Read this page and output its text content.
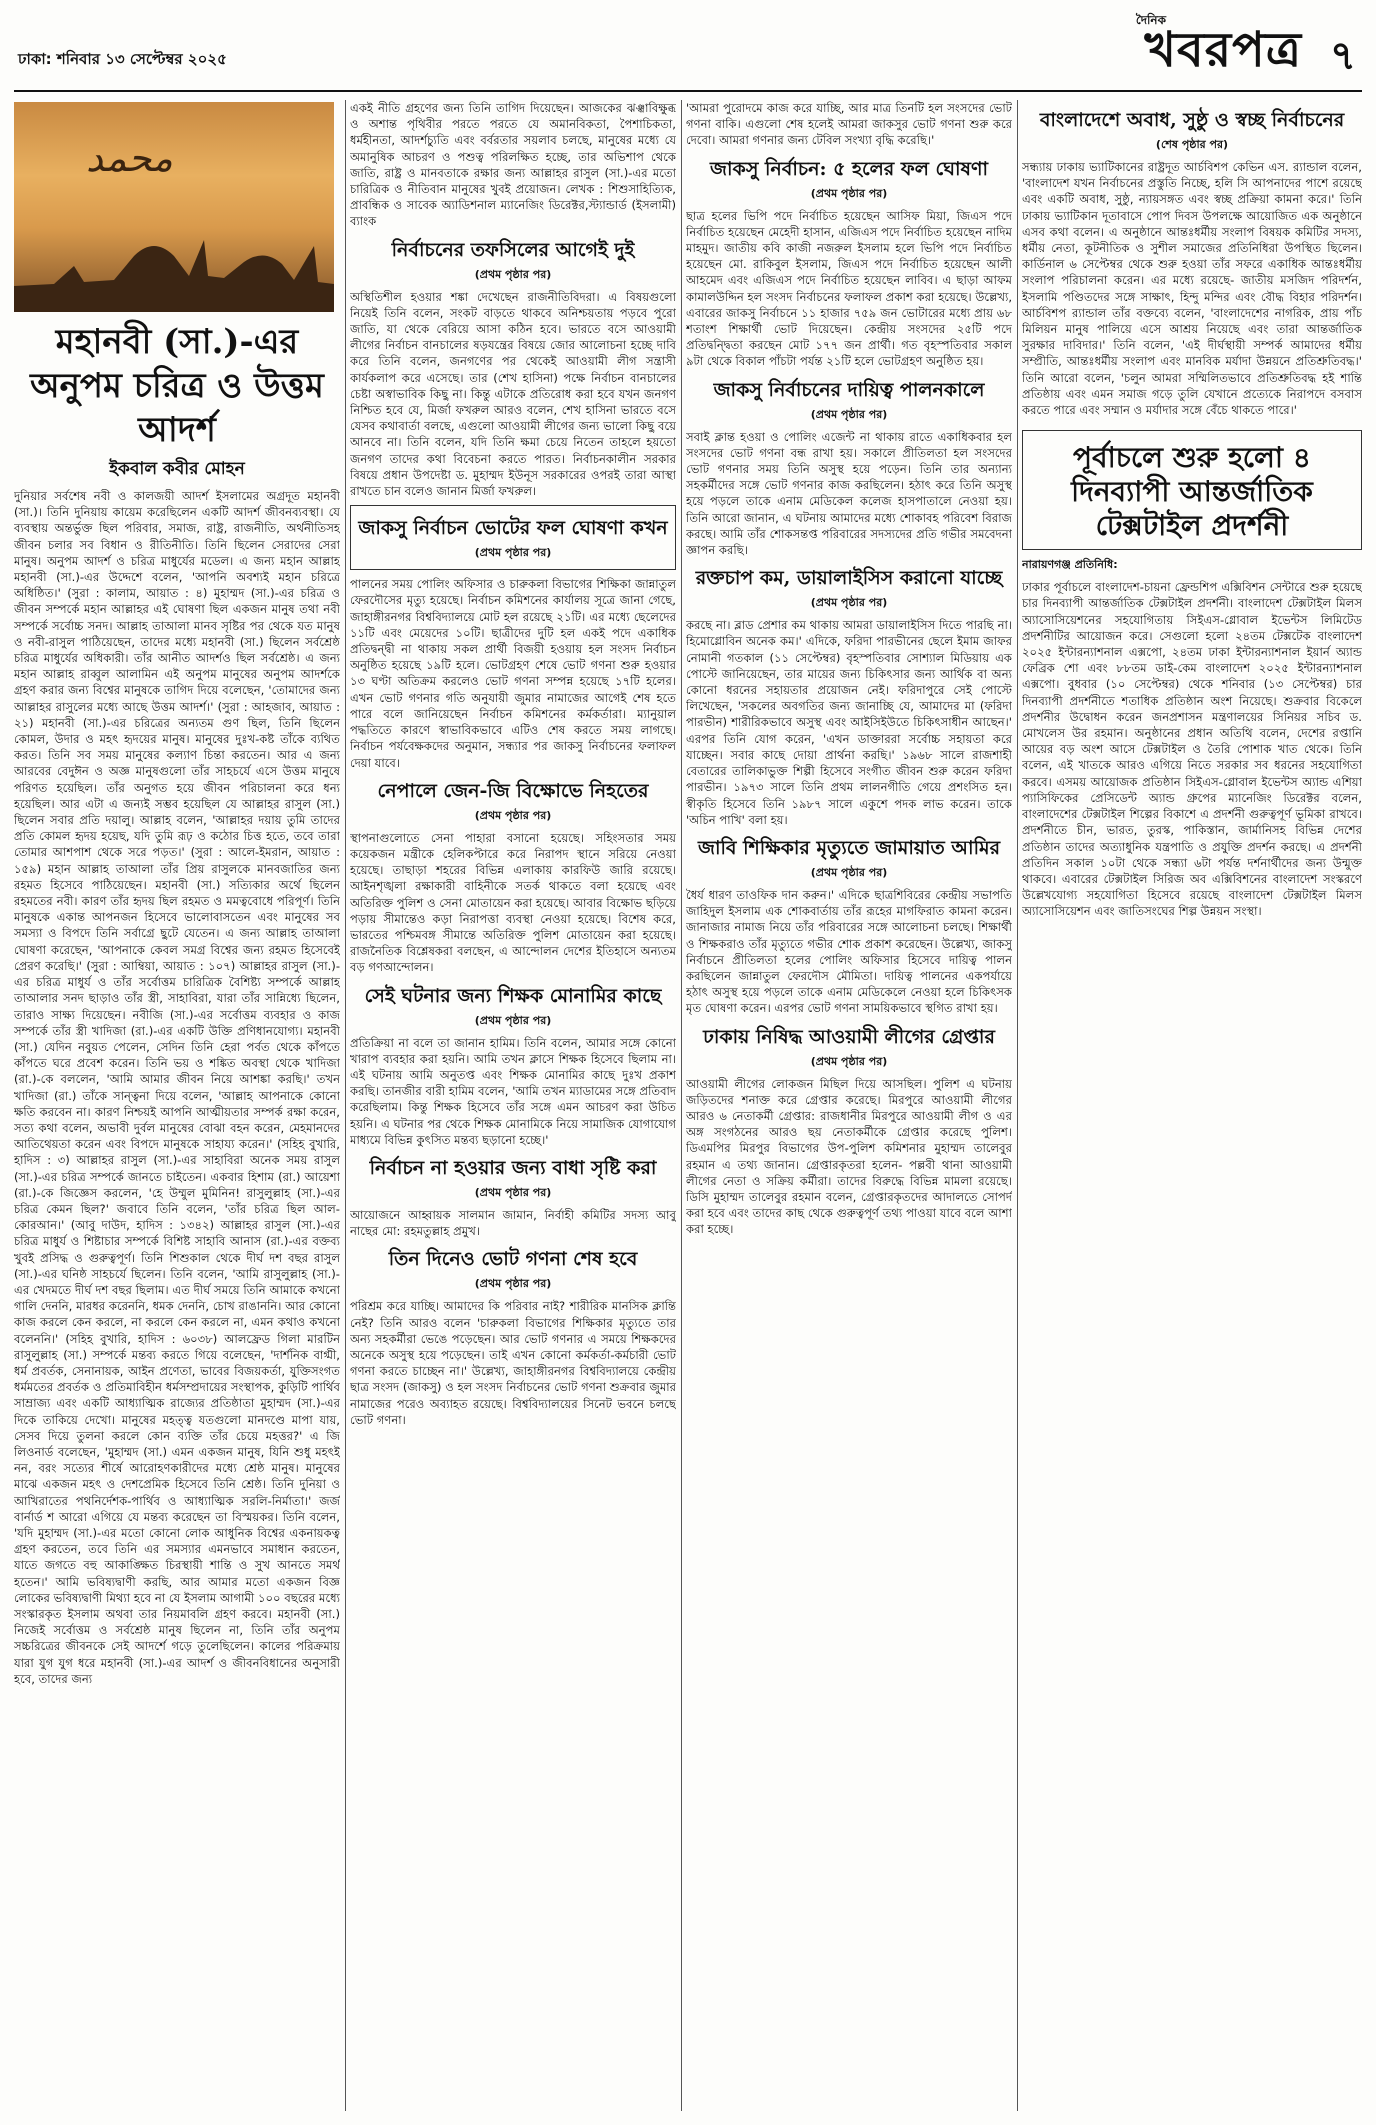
ঢাকা: শনিবার ১৩ সেপ্টেম্বর ২০২৫
দৈনিক
খবরপত্র ৭
محمد
মহানবী (সা.)-এর অনুপম চরিত্র ও উত্তম আদর্শ
ইকবাল কবীর মোহন

দুনিয়ার সর্বশেষ নবী ও কালজয়ী আদর্শ ইসলামের অগ্রদূত মহানবী (সা.)। তিনি দুনিয়ায় কায়েম করেছিলেন একটি আদর্শ জীবনব্যবস্থা। যে ব্যবস্থায় অন্তর্ভুক্ত ছিল পরিবার, সমাজ, রাষ্ট্র, রাজনীতি, অর্থনীতিসহ জীবন চলার সব বিধান ও রীতিনীতি। তিনি ছিলেন সেরাদের সেরা মানুষ। অনুপম আদর্শ ও চরিত্র মাধুর্যের মডেল। এ জন্য মহান আল্লাহ মহানবী (সা.)-এর উদ্দেশে বলেন, 'আপনি অবশ্যই মহান চরিত্রে অধিষ্ঠিত।' (সুরা : কালাম, আয়াত : ৪) মুহাম্মদ (সা.)-এর চরিত্র ও জীবন সম্পর্কে মহান আল্লাহর এই ঘোষণা ছিল একজন মানুষ তথা নবী সম্পর্কে সর্বোচ্চ সনদ। আল্লাহ তাআলা মানব সৃষ্টির পর থেকে যত মানুষ ও নবী-রাসুল পাঠিয়েছেন, তাদের মধ্যে মহানবী (সা.) ছিলেন সর্বশ্রেষ্ঠ চরিত্র মাধুর্যের অধিকারী। তাঁর আনীত আদর্শও ছিল সর্বশ্রেষ্ঠ। এ জন্য মহান আল্লাহ রাব্বুল আলামিন এই অনুপম মানুষের অনুপম আদর্শকে গ্রহণ করার জন্য বিশ্বের মানুষকে তাগিদ দিয়ে বলেছেন, 'তোমাদের জন্য আল্লাহর রাসুলের মধ্যে আছে উত্তম আদর্শ।' (সুরা : আহজাব, আয়াত : ২১) মহানবী (সা.)-এর চরিত্রের অন্যতম গুণ ছিল, তিনি ছিলেন কোমল, উদার ও মহৎ হৃদয়ের মানুষ। মানুষের দুঃখ-কষ্ট তাঁকে ব্যথিত করত। তিনি সব সময় মানুষের কল্যাণ চিন্তা করতেন। আর এ জন্য আরবের বেদুঈন ও অজ্ঞ মানুষগুলো তাঁর সাহচর্যে এসে উত্তম মানুষে পরিণত হয়েছিল। তাঁর অনুগত হয়ে জীবন পরিচালনা করে ধন্য হয়েছিল। আর এটা এ জন্যই সম্ভব হয়েছিল যে আল্লাহর রাসুল (সা.) ছিলেন সবার প্রতি দয়ালু। আল্লাহ বলেন, 'আল্লাহর দয়ায় তুমি তাদের প্রতি কোমল হৃদয় হয়েছ, যদি তুমি রূঢ় ও কঠোর চিত্ত হতে, তবে তারা তোমার আশপাশ থেকে সরে পড়ত।' (সুরা : আলে-ইমরান, আয়াত : ১৫৯) মহান আল্লাহ তাআলা তাঁর প্রিয় রাসুলকে মানবজাতির জন্য রহমত হিসেবে পাঠিয়েছেন। মহানবী (সা.) সত্যিকার অর্থে ছিলেন রহমতের নবী। কারণ তাঁর হৃদয় ছিল রহমত ও মমত্ববোধে পরিপূর্ণ। তিনি মানুষকে একান্ত আপনজন হিসেবে ভালোবাসতেন এবং মানুষের সব সমস্যা ও বিপদে তিনি সর্বাগ্রে ছুটে যেতেন। এ জন্য আল্লাহ তাআলা ঘোষণা করেছেন, 'আপনাকে কেবল সমগ্র বিশ্বের জন্য রহমত হিসেবেই প্রেরণ করেছি।' (সুরা : আম্বিয়া, আয়াত : ১০৭) আল্লাহর রাসুল (সা.)-এর চরিত্র মাধুর্য ও তাঁর সর্বোত্তম চারিত্রিক বৈশিষ্ট্য সম্পর্কে আল্লাহ তাআলার সনদ ছাড়াও তাঁর স্ত্রী, সাহাবিরা, যারা তাঁর সান্নিধ্যে ছিলেন, তারাও সাক্ষ্য দিয়েছেন। নবীজি (সা.)-এর সর্বোত্তম ব্যবহার ও কাজ সম্পর্কে তাঁর স্ত্রী খাদিজা (রা.)-এর একটি উক্তি প্রণিধানযোগ্য। মহানবী (সা.) যেদিন নবুয়ত পেলেন, সেদিন তিনি হেরা পর্বত থেকে কাঁপতে কাঁপতে ঘরে প্রবেশ করেন। তিনি ভয় ও শঙ্কিত অবস্থা থেকে খাদিজা (রা.)-কে বললেন, 'আমি আমার জীবন নিয়ে আশঙ্কা করছি।' তখন খাদিজা (রা.) তাঁকে সান্ত্বনা দিয়ে বলেন, 'আল্লাহ আপনাকে কোনো ক্ষতি করবেন না। কারণ নিশ্চয়ই আপনি আত্মীয়তার সম্পর্ক রক্ষা করেন, সত্য কথা বলেন, অভাবী দুর্বল মানুষের বোঝা বহন করেন, মেহমানদের আতিথেয়তা করেন এবং বিপদে মানুষকে সাহায্য করেন।' (সহিহ বুখারি, হাদিস : ৩) আল্লাহর রাসুল (সা.)-এর সাহাবিরা অনেক সময় রাসুল (সা.)-এর চরিত্র সম্পর্কে জানতে চাইতেন। একবার হিশাম (রা.) আয়েশা (রা.)-কে জিজ্ঞেস করলেন, 'হে উম্মুল মুমিনিন! রাসুলুল্লাহ (সা.)-এর চরিত্র কেমন ছিল?' জবাবে তিনি বলেন, 'তাঁর চরিত্র ছিল আল-কোরআন।' (আবু দাউদ, হাদিস : ১৩৪২) আল্লাহর রাসুল (সা.)-এর চরিত্র মাধুর্য ও শিষ্টাচার সম্পর্কে বিশিষ্ট সাহাবি আনাস (রা.)-এর বক্তব্য খুবই প্রসিদ্ধ ও গুরুত্বপূর্ণ। তিনি শিশুকাল থেকে দীর্ঘ দশ বছর রাসুল (সা.)-এর ঘনিষ্ঠ সাহচর্যে ছিলেন। তিনি বলেন, 'আমি রাসুলুল্লাহ (সা.)-এর খেদমতে দীর্ঘ দশ বছর ছিলাম। এত দীর্ঘ সময়ে তিনি আমাকে কখনো গালি দেননি, মারধর করেননি, ধমক দেননি, চোখ রাঙাননি। আর কোনো কাজ করলে কেন করলে, না করলে কেন করলে না, এমন কথাও কখনো বলেননি।' (সহিহ বুখারি, হাদিস : ৬০৩৮) আলফ্রেড গিলা মারটিন রাসুলুল্লাহ (সা.) সম্পর্কে মন্তব্য করতে গিয়ে বলেছেন, 'দার্শনিক বাগ্মী, ধর্ম প্রবর্তক, সেনানায়ক, আইন প্রণেতা, ভাবের বিজয়কর্তা, যুক্তিসংগত ধর্মমতের প্রবর্তক ও প্রতিমাবিহীন ধর্মসম্প্রদায়ের সংস্থাপক, কুড়িটি পার্থিব সাম্রাজ্য এবং একটি আধ্যাত্মিক রাজ্যের প্রতিষ্ঠাতা মুহাম্মদ (সা.)-এর দিকে তাকিয়ে দেখো। মানুষের মহত্ত্ব যতগুলো মানদণ্ডে মাপা যায়, সেসব দিয়ে তুলনা করলে কোন ব্যক্তি তাঁর চেয়ে মহত্তর?' এ জি লিওনার্ড বলেছেন, 'মুহাম্মদ (সা.) এমন একজন মানুষ, যিনি শুধু মহৎই নন, বরং সত্যের শীর্ষে আরোহণকারীদের মধ্যে শ্রেষ্ঠ মানুষ। মানুষের মাঝে একজন মহৎ ও দেশপ্রেমিক হিসেবে তিনি শ্রেষ্ঠ। তিনি দুনিয়া ও আখিরাতের পথনির্দেশক-পার্থিব ও আধ্যাত্মিক সরলি-নির্মাতা।' জর্জ বার্নার্ড শ আরো এগিয়ে যে মন্তব্য করেছেন তা বিস্ময়কর। তিনি বলেন, 'যদি মুহাম্মদ (সা.)-এর মতো কোনো লোক আধুনিক বিশ্বের একনায়কত্ব গ্রহণ করতেন, তবে তিনি এর সমস্যার এমনভাবে সমাধান করতেন, যাতে জগতে বহু আকাঙ্ক্ষিত চিরস্থায়ী শান্তি ও সুখ আনতে সমর্থ হতেন।' আমি ভবিষ্যদ্বাণী করছি, আর আমার মতো একজন বিজ্ঞ লোকের ভবিষ্যদ্বাণী মিথ্যা হবে না যে ইসলাম আগামী ১০০ বছরের মধ্যে সংস্কারকৃত ইসলাম অথবা তার নিয়মাবলি গ্রহণ করবে। মহানবী (সা.) নিজেই সর্বোত্তম ও সর্বশ্রেষ্ঠ মানুষ ছিলেন না, তিনি তাঁর অনুপম সচ্চরিত্রের জীবনকে সেই আদর্শে গড়ে তুলেছিলেন। কালের পরিক্রমায় যারা যুগ যুগ ধরে মহানবী (সা.)-এর আদর্শ ও জীবনবিধানের অনুসারী হবে, তাদের জন্য

একই নীতি গ্রহণের জন্য তিনি তাগিদ দিয়েছেন। আজকের ঝঞ্ঝাবিক্ষুব্ধ ও অশান্ত পৃথিবীর পরতে পরতে যে অমানবিকতা, পৈশাচিকতা, ধর্মহীনতা, আদর্শচ্যুতি এবং বর্বরতার সয়লাব চলছে, মানুষের মধ্যে যে অমানুষিক আচরণ ও পশুত্ব পরিলক্ষিত হচ্ছে, তার অভিশাপ থেকে জাতি, রাষ্ট্র ও মানবতাকে রক্ষার জন্য আল্লাহর রাসুল (সা.)-এর মতো চারিত্রিক ও নীতিবান মানুষের খুবই প্রয়োজন। লেখক : শিশুসাহিত্যিক, প্রাবন্ধিক ও সাবেক অ্যাডিশনাল ম্যানেজিং ডিরেক্টর,স্ট্যান্ডার্ড (ইসলামী) ব্যাংক

নির্বাচনের তফসিলের আগেই দুই
(প্রথম পৃষ্ঠার পর)

অস্থিতিশীল হওয়ার শঙ্কা দেখেছেন রাজনীতিবিদরা। এ বিষয়গুলো নিয়েই তিনি বলেন, সংকট বাড়তে থাকবে অনিশ্চয়তায় পড়বে পুরো জাতি, যা থেকে বেরিয়ে আসা কঠিন হবে। ভারতে বসে আওয়ামী লীগের নির্বাচন বানচালের ষড়যন্ত্রের বিষয়ে জোর আলোচনা হচ্ছে দাবি করে তিনি বলেন, জনগণের পর থেকেই আওয়ামী লীগ সন্ত্রাসী কার্যকলাপ করে এসেছে। তার (শেখ হাসিনা) পক্ষে নির্বাচন বানচালের চেষ্টা অস্বাভাবিক কিছু না। কিন্তু এটাকে প্রতিরোধ করা হবে যখন জনগণ নিশ্চিত হবে যে, মির্জা ফখরুল আরও বলেন, শেখ হাসিনা ভারতে বসে যেসব কথাবার্তা বলছে, এগুলো আওয়ামী লীগের জন্য ভালো কিছু বয়ে আনবে না। তিনি বলেন, যদি তিনি ক্ষমা চেয়ে নিতেন তাহলে হয়তো জনগণ তাদের কথা বিবেচনা করতে পারত। নির্বাচনকালীন সরকার বিষয়ে প্রধান উপদেষ্টা ড. মুহাম্মদ ইউনূস সরকারের ওপরই তারা আস্থা রাখতে চান বলেও জানান মির্জা ফখরুল।

জাকসু নির্বাচন ভোটের ফল ঘোষণা কখন
(প্রথম পৃষ্ঠার পর)

পালনের সময় পোলিং অফিসার ও চারুকলা বিভাগের শিক্ষিকা জান্নাতুল ফেরদৌসের মৃত্যু হয়েছে। নির্বাচন কমিশনের কার্যালয় সূত্রে জানা গেছে, জাহাঙ্গীরনগর বিশ্ববিদ্যালয়ে মোট হল রয়েছে ২১টি। এর মধ্যে ছেলেদের ১১টি এবং মেয়েদের ১০টি। ছাত্রীদের দুটি হল একই পদে একাধিক প্রতিদ্বন্দ্বী না থাকায় সকল প্রার্থী বিজয়ী হওয়ায় হল সংসদ নির্বাচন অনুষ্ঠিত হয়েছে ১৯টি হলে। ভোটগ্রহণ শেষে ভোট গণনা শুরু হওয়ার ১৩ ঘণ্টা অতিক্রম করলেও ভোট গণনা সম্পন্ন হয়েছে ১৭টি হলের। এখন ভোট গণনার গতি অনুযায়ী জুমার নামাজের আগেই শেষ হতে পারে বলে জানিয়েছেন নির্বাচন কমিশনের কর্মকর্তারা। ম্যানুয়াল পদ্ধতিতে কারণে স্বাভাবিকভাবে এটিও শেষ করতে সময় লাগছে। নির্বাচন পর্যবেক্ষকদের অনুমান, সন্ধ্যার পর জাকসু নির্বাচনের ফলাফল দেয়া যাবে।

নেপালে জেন-জি বিক্ষোভে নিহতের
(প্রথম পৃষ্ঠার পর)

স্থাপনাগুলোতে সেনা পাহারা বসানো হয়েছে। সহিংসতার সময় কয়েকজন মন্ত্রীকে হেলিকপ্টারে করে নিরাপদ স্থানে সরিয়ে নেওয়া হয়েছে। তাছাড়া শহরের বিভিন্ন এলাকায় কারফিউ জারি রয়েছে। আইনশৃঙ্খলা রক্ষাকারী বাহিনীকে সতর্ক থাকতে বলা হয়েছে এবং অতিরিক্ত পুলিশ ও সেনা মোতায়েন করা হয়েছে। আবার বিক্ষোভ ছড়িয়ে পড়ায় সীমান্তেও কড়া নিরাপত্তা ব্যবস্থা নেওয়া হয়েছে। বিশেষ করে, ভারতের পশ্চিমবঙ্গ সীমান্তে অতিরিক্ত পুলিশ মোতায়েন করা হয়েছে। রাজনৈতিক বিশ্লেষকরা বলছেন, এ আন্দোলন দেশের ইতিহাসে অন্যতম বড় গণআন্দোলন।

সেই ঘটনার জন্য শিক্ষক মোনামির কাছে
(প্রথম পৃষ্ঠার পর)

প্রতিক্রিয়া না বলে তা জানান হামিম। তিনি বলেন, আমার সঙ্গে কোনো খারাপ ব্যবহার করা হয়নি। আমি তখন ক্লাসে শিক্ষক হিসেবে ছিলাম না। এই ঘটনায় আমি অনুতপ্ত এবং শিক্ষক মোনামির কাছে দুঃখ প্রকাশ করছি। তানজীর বারী হামিম বলেন, 'আমি তখন ম্যাডামের সঙ্গে প্রতিবাদ করেছিলাম। কিন্তু শিক্ষক হিসেবে তাঁর সঙ্গে এমন আচরণ করা উচিত হয়নি। এ ঘটনার পর থেকে শিক্ষক মোনামিকে নিয়ে সামাজিক যোগাযোগ মাধ্যমে বিভিন্ন কুৎসিত মন্তব্য ছড়ানো হচ্ছে।'

নির্বাচন না হওয়ার জন্য বাধা সৃষ্টি করা
(প্রথম পৃষ্ঠার পর)

আয়োজনে আহ্বায়ক সালমান জামান, নির্বাহী কমিটির সদস্য আবু নাছের মো: রহমতুল্লাহ প্রমুখ।

তিন দিনেও ভোট গণনা শেষ হবে
(প্রথম পৃষ্ঠার পর)

পরিশ্রম করে যাচ্ছি। আমাদের কি পরিবার নাই? শারীরিক মানসিক ক্লান্তি নেই? তিনি আরও বলেন 'চারুকলা বিভাগের শিক্ষিকার মৃত্যুতে তার অন্য সহকর্মীরা ভেঙে পড়েছেন। আর ভোট গণনার এ সময়ে শিক্ষকদের অনেকে অসুস্থ হয়ে পড়েছেন। তাই এখন কোনো কর্মকর্তা-কর্মচারী ভোট গণনা করতে চাচ্ছেন না।' উল্লেখ্য, জাহাঙ্গীরনগর বিশ্ববিদ্যালয়ে কেন্দ্রীয় ছাত্র সংসদ (জাকসু) ও হল সংসদ নির্বাচনের ভোট গণনা শুক্রবার জুমার নামাজের পরেও অব্যাহত রয়েছে। বিশ্ববিদ্যালয়ের সিনেট ভবনে চলছে ভোট গণনা।

'আমরা পুরোদমে কাজ করে যাচ্ছি, আর মাত্র তিনটি হল সংসদের ভোট গণনা বাকি। এগুলো শেষ হলেই আমরা জাকসুর ভোট গণনা শুরু করে দেবো। আমরা গণনার জন্য টেবিল সংখ্যা বৃদ্ধি করেছি।'

জাকসু নির্বাচন: ৫ হলের ফল ঘোষণা
(প্রথম পৃষ্ঠার পর)

ছাত্র হলের ভিপি পদে নির্বাচিত হয়েছেন আসিফ মিয়া, জিএস পদে নির্বাচিত হয়েছেন মেহেদী হাসান, এজিএস পদে নির্বাচিত হয়েছেন নাদিম মাহমুদ। জাতীয় কবি কাজী নজরুল ইসলাম হলে ভিপি পদে নির্বাচিত হয়েছেন মো. রাকিবুল ইসলাম, জিএস পদে নির্বাচিত হয়েছেন আলী আহমেদ এবং এজিএস পদে নির্বাচিত হয়েছেন লাবিব। এ ছাড়া আফম কামালউদ্দিন হল সংসদ নির্বাচনের ফলাফল প্রকাশ করা হয়েছে। উল্লেখ্য, এবারের জাকসু নির্বাচনে ১১ হাজার ৭৫৯ জন ভোটারের মধ্যে প্রায় ৬৮ শতাংশ শিক্ষার্থী ভোট দিয়েছেন। কেন্দ্রীয় সংসদের ২৫টি পদে প্রতিদ্বন্দ্বিতা করছেন মোট ১৭৭ জন প্রার্থী। গত বৃহস্পতিবার সকাল ৯টা থেকে বিকাল পাঁচটা পর্যন্ত ২১টি হলে ভোটগ্রহণ অনুষ্ঠিত হয়।

জাকসু নির্বাচনের দায়িত্ব পালনকালে
(প্রথম পৃষ্ঠার পর)

সবাই ক্লান্ত হওয়া ও পোলিং এজেন্ট না থাকায় রাতে একাধিকবার হল সংসদের ভোট গণনা বন্ধ রাখা হয়। সকালে প্রীতিলতা হল সংসদের ভোট গণনার সময় তিনি অসুস্থ হয়ে পড়েন। তিনি তার অন্যান্য সহকর্মীদের সঙ্গে ভোট গণনার কাজ করছিলেন। হঠাৎ করে তিনি অসুস্থ হয়ে পড়লে তাকে এনাম মেডিকেল কলেজ হাসপাতালে নেওয়া হয়। তিনি আরো জানান, এ ঘটনায় আমাদের মধ্যে শোকাবহ পরিবেশ বিরাজ করছে। আমি তাঁর শোকসন্তপ্ত পরিবারের সদস্যদের প্রতি গভীর সমবেদনা জ্ঞাপন করছি।

রক্তচাপ কম, ডায়ালাইসিস করানো যাচ্ছে
(প্রথম পৃষ্ঠার পর)

করছে না। ব্লাড প্রেশার কম থাকায় আমরা ডায়ালাইসিস দিতে পারছি না। হিমোগ্লোবিন অনেক কম।' এদিকে, ফরিদা পারভীনের ছেলে ইমাম জাফর নোমানী গতকাল (১১ সেপ্টেম্বর) বৃহস্পতিবার সোশ্যাল মিডিয়ায় এক পোস্টে জানিয়েছেন, তার মায়ের জন্য চিকিৎসার জন্য আর্থিক বা অন্য কোনো ধরনের সহায়তার প্রয়োজন নেই। ফরিদাপুরে সেই পোস্টে লিখেছেন, 'সকলের অবগতির জন্য জানাচ্ছি যে, আমাদের মা (ফরিদা পারভীন) শারীরিকভাবে অসুস্থ এবং আইসিইউতে চিকিৎসাধীন আছেন।' এরপর তিনি যোগ করেন, 'এখন ডাক্তাররা সর্বোচ্চ সহায়তা করে যাচ্ছেন। সবার কাছে দোয়া প্রার্থনা করছি।' ১৯৬৮ সালে রাজশাহী বেতারের তালিকাভুক্ত শিল্পী হিসেবে সংগীত জীবন শুরু করেন ফরিদা পারভীন। ১৯৭৩ সালে তিনি প্রথম লালনগীতি গেয়ে প্রশংসিত হন। স্বীকৃতি হিসেবে তিনি ১৯৮৭ সালে একুশে পদক লাভ করেন। তাকে 'অচিন পাখি' বলা হয়।

জাবি শিক্ষিকার মৃত্যুতে জামায়াত আমির
(প্রথম পৃষ্ঠার পর)

ধৈর্য ধারণ তাওফিক দান করুন।' এদিকে ছাত্রশিবিরের কেন্দ্রীয় সভাপতি জাহিদুল ইসলাম এক শোকবার্তায় তাঁর রূহের মাগফিরাত কামনা করেন। জানাজার নামাজ নিয়ে তাঁর পরিবারের সঙ্গে আলোচনা চলছে। শিক্ষার্থী ও শিক্ষকরাও তাঁর মৃত্যুতে গভীর শোক প্রকাশ করেছেন। উল্লেখ্য, জাকসু নির্বাচনে প্রীতিলতা হলের পোলিং অফিসার হিসেবে দায়িত্ব পালন করছিলেন জান্নাতুল ফেরদৌস মৌমিতা। দায়িত্ব পালনের একপর্যায়ে হঠাৎ অসুস্থ হয়ে পড়লে তাকে এনাম মেডিকেলে নেওয়া হলে চিকিৎসক মৃত ঘোষণা করেন। এরপর ভোট গণনা সাময়িকভাবে স্থগিত রাখা হয়।

ঢাকায় নিষিদ্ধ আওয়ামী লীগের গ্রেপ্তার
(প্রথম পৃষ্ঠার পর)

আওয়ামী লীগের লোকজন মিছিল দিয়ে আসছিল। পুলিশ এ ঘটনায় জড়িতদের শনাক্ত করে গ্রেপ্তার করেছে। মিরপুরে আওয়ামী লীগের আরও ৬ নেতাকর্মী গ্রেপ্তার: রাজধানীর মিরপুরে আওয়ামী লীগ ও এর অঙ্গ সংগঠনের আরও ছয় নেতাকর্মীকে গ্রেপ্তার করেছে পুলিশ। ডিএমপির মিরপুর বিভাগের উপ-পুলিশ কমিশনার মুহাম্মদ তালেবুর রহমান এ তথ্য জানান। গ্রেপ্তারকৃতরা হলেন- পল্লবী থানা আওয়ামী লীগের নেতা ও সক্রিয় কর্মীরা। তাদের বিরুদ্ধে বিভিন্ন মামলা রয়েছে। ডিসি মুহাম্মদ তালেবুর রহমান বলেন, গ্রেপ্তারকৃতদের আদালতে সোপর্দ করা হবে এবং তাদের কাছ থেকে গুরুত্বপূর্ণ তথ্য পাওয়া যাবে বলে আশা করা হচ্ছে।

বাংলাদেশে অবাধ, সুষ্ঠু ও স্বচ্ছ নির্বাচনের
(শেষ পৃষ্ঠার পর)

সন্ধ্যায় ঢাকায় ভ্যাটিকানের রাষ্ট্রদূত আর্চবিশপ কেভিন এস. র‍্যান্ডাল বলেন, 'বাংলাদেশ যখন নির্বাচনের প্রস্তুতি নিচ্ছে, হলি সি আপনাদের পাশে রয়েছে এবং একটি অবাধ, সুষ্ঠু, ন্যায়সঙ্গত এবং স্বচ্ছ প্রক্রিয়া কামনা করে।' তিনি ঢাকায় ভ্যাটিকান দূতাবাসে পোপ দিবস উপলক্ষে আয়োজিত এক অনুষ্ঠানে এসব কথা বলেন। এ অনুষ্ঠানে আন্তঃধর্মীয় সংলাপ বিষয়ক কমিটির সদস্য, ধর্মীয় নেতা, কূটনীতিক ও সুশীল সমাজের প্রতিনিধিরা উপস্থিত ছিলেন। কার্ডিনাল ৬ সেপ্টেম্বর থেকে শুরু হওয়া তাঁর সফরে একাধিক আন্তঃধর্মীয় সংলাপ পরিচালনা করেন। এর মধ্যে রয়েছে- জাতীয় মসজিদ পরিদর্শন, ইসলামি পণ্ডিতদের সঙ্গে সাক্ষাৎ, হিন্দু মন্দির এবং বৌদ্ধ বিহার পরিদর্শন। আর্চবিশপ র‍্যান্ডাল তাঁর বক্তব্যে বলেন, 'বাংলাদেশের নাগরিক, প্রায় পাঁচ মিলিয়ন মানুষ পালিয়ে এসে আশ্রয় নিয়েছে এবং তারা আন্তর্জাতিক সুরক্ষার দাবিদার।' তিনি বলেন, 'এই দীর্ঘস্থায়ী সম্পর্ক আমাদের ধর্মীয় সম্প্রীতি, আন্তঃধর্মীয় সংলাপ এবং মানবিক মর্যাদা উন্নয়নে প্রতিশ্রুতিবদ্ধ।' তিনি আরো বলেন, 'চলুন আমরা সম্মিলিতভাবে প্রতিশ্রুতিবদ্ধ হই শান্তি প্রতিষ্ঠায় এবং এমন সমাজ গড়ে তুলি যেখানে প্রত্যেকে নিরাপদে বসবাস করতে পারে এবং সম্মান ও মর্যাদার সঙ্গে বেঁচে থাকতে পারে।'

পূর্বাচলে শুরু হলো ৪ দিনব্যাপী আন্তর্জাতিক টেক্সটাইল প্রদর্শনী
নারায়ণগঞ্জ প্রতিনিধি:

ঢাকার পূর্বাচলে বাংলাদেশ-চায়না ফ্রেন্ডশিপ এক্সিবিশন সেন্টারে শুরু হয়েছে চার দিনব্যাপী আন্তর্জাতিক টেক্সটাইল প্রদর্শনী। বাংলাদেশ টেক্সটাইল মিলস অ্যাসোসিয়েশনের সহযোগিতায় সিইএস-গ্লোবাল ইভেন্টস লিমিটেড প্রদর্শনীটির আয়োজন করে। সেগুলো হলো ২৪তম টেক্সটেক বাংলাদেশ ২০২৫ ইন্টারন্যাশনাল এক্সপো, ২৪তম ঢাকা ইন্টারন্যাশনাল ইয়ার্ন অ্যান্ড ফেব্রিক শো এবং ৮৮তম ডাই-কেম বাংলাদেশ ২০২৫ ইন্টারন্যাশনাল এক্সপো। বুধবার (১০ সেপ্টেম্বর) থেকে শনিবার (১৩ সেপ্টেম্বর) চার দিনব্যাপী প্রদর্শনীতে শতাধিক প্রতিষ্ঠান অংশ নিয়েছে। শুক্রবার বিকেলে প্রদর্শনীর উদ্বোধন করেন জনপ্রশাসন মন্ত্রণালয়ের সিনিয়র সচিব ড. মোখলেস উর রহমান। অনুষ্ঠানের প্রধান অতিথি বলেন, দেশের রপ্তানি আয়ের বড় অংশ আসে টেক্সটাইল ও তৈরি পোশাক খাত থেকে। তিনি বলেন, এই খাতকে আরও এগিয়ে নিতে সরকার সব ধরনের সহযোগিতা করবে। এসময় আয়োজক প্রতিষ্ঠান সিইএস-গ্লোবাল ইভেন্টস অ্যান্ড এশিয়া প্যাসিফিকের প্রেসিডেন্ট অ্যান্ড গ্রুপের ম্যানেজিং ডিরেক্টর বলেন, বাংলাদেশের টেক্সটাইল শিল্পের বিকাশে এ প্রদর্শনী গুরুত্বপূর্ণ ভূমিকা রাখবে। প্রদর্শনীতে চীন, ভারত, তুরস্ক, পাকিস্তান, জার্মানিসহ বিভিন্ন দেশের প্রতিষ্ঠান তাদের অত্যাধুনিক যন্ত্রপাতি ও প্রযুক্তি প্রদর্শন করছে। এ প্রদর্শনী প্রতিদিন সকাল ১০টা থেকে সন্ধ্যা ৬টা পর্যন্ত দর্শনার্থীদের জন্য উন্মুক্ত থাকবে। এবারের টেক্সটাইল সিরিজ অব এক্সিবিশনের বাংলাদেশ সংস্করণে উল্লেখযোগ্য সহযোগিতা হিসেবে রয়েছে বাংলাদেশ টেক্সটাইল মিলস অ্যাসোসিয়েশন এবং জাতিসংঘের শিল্প উন্নয়ন সংস্থা।
